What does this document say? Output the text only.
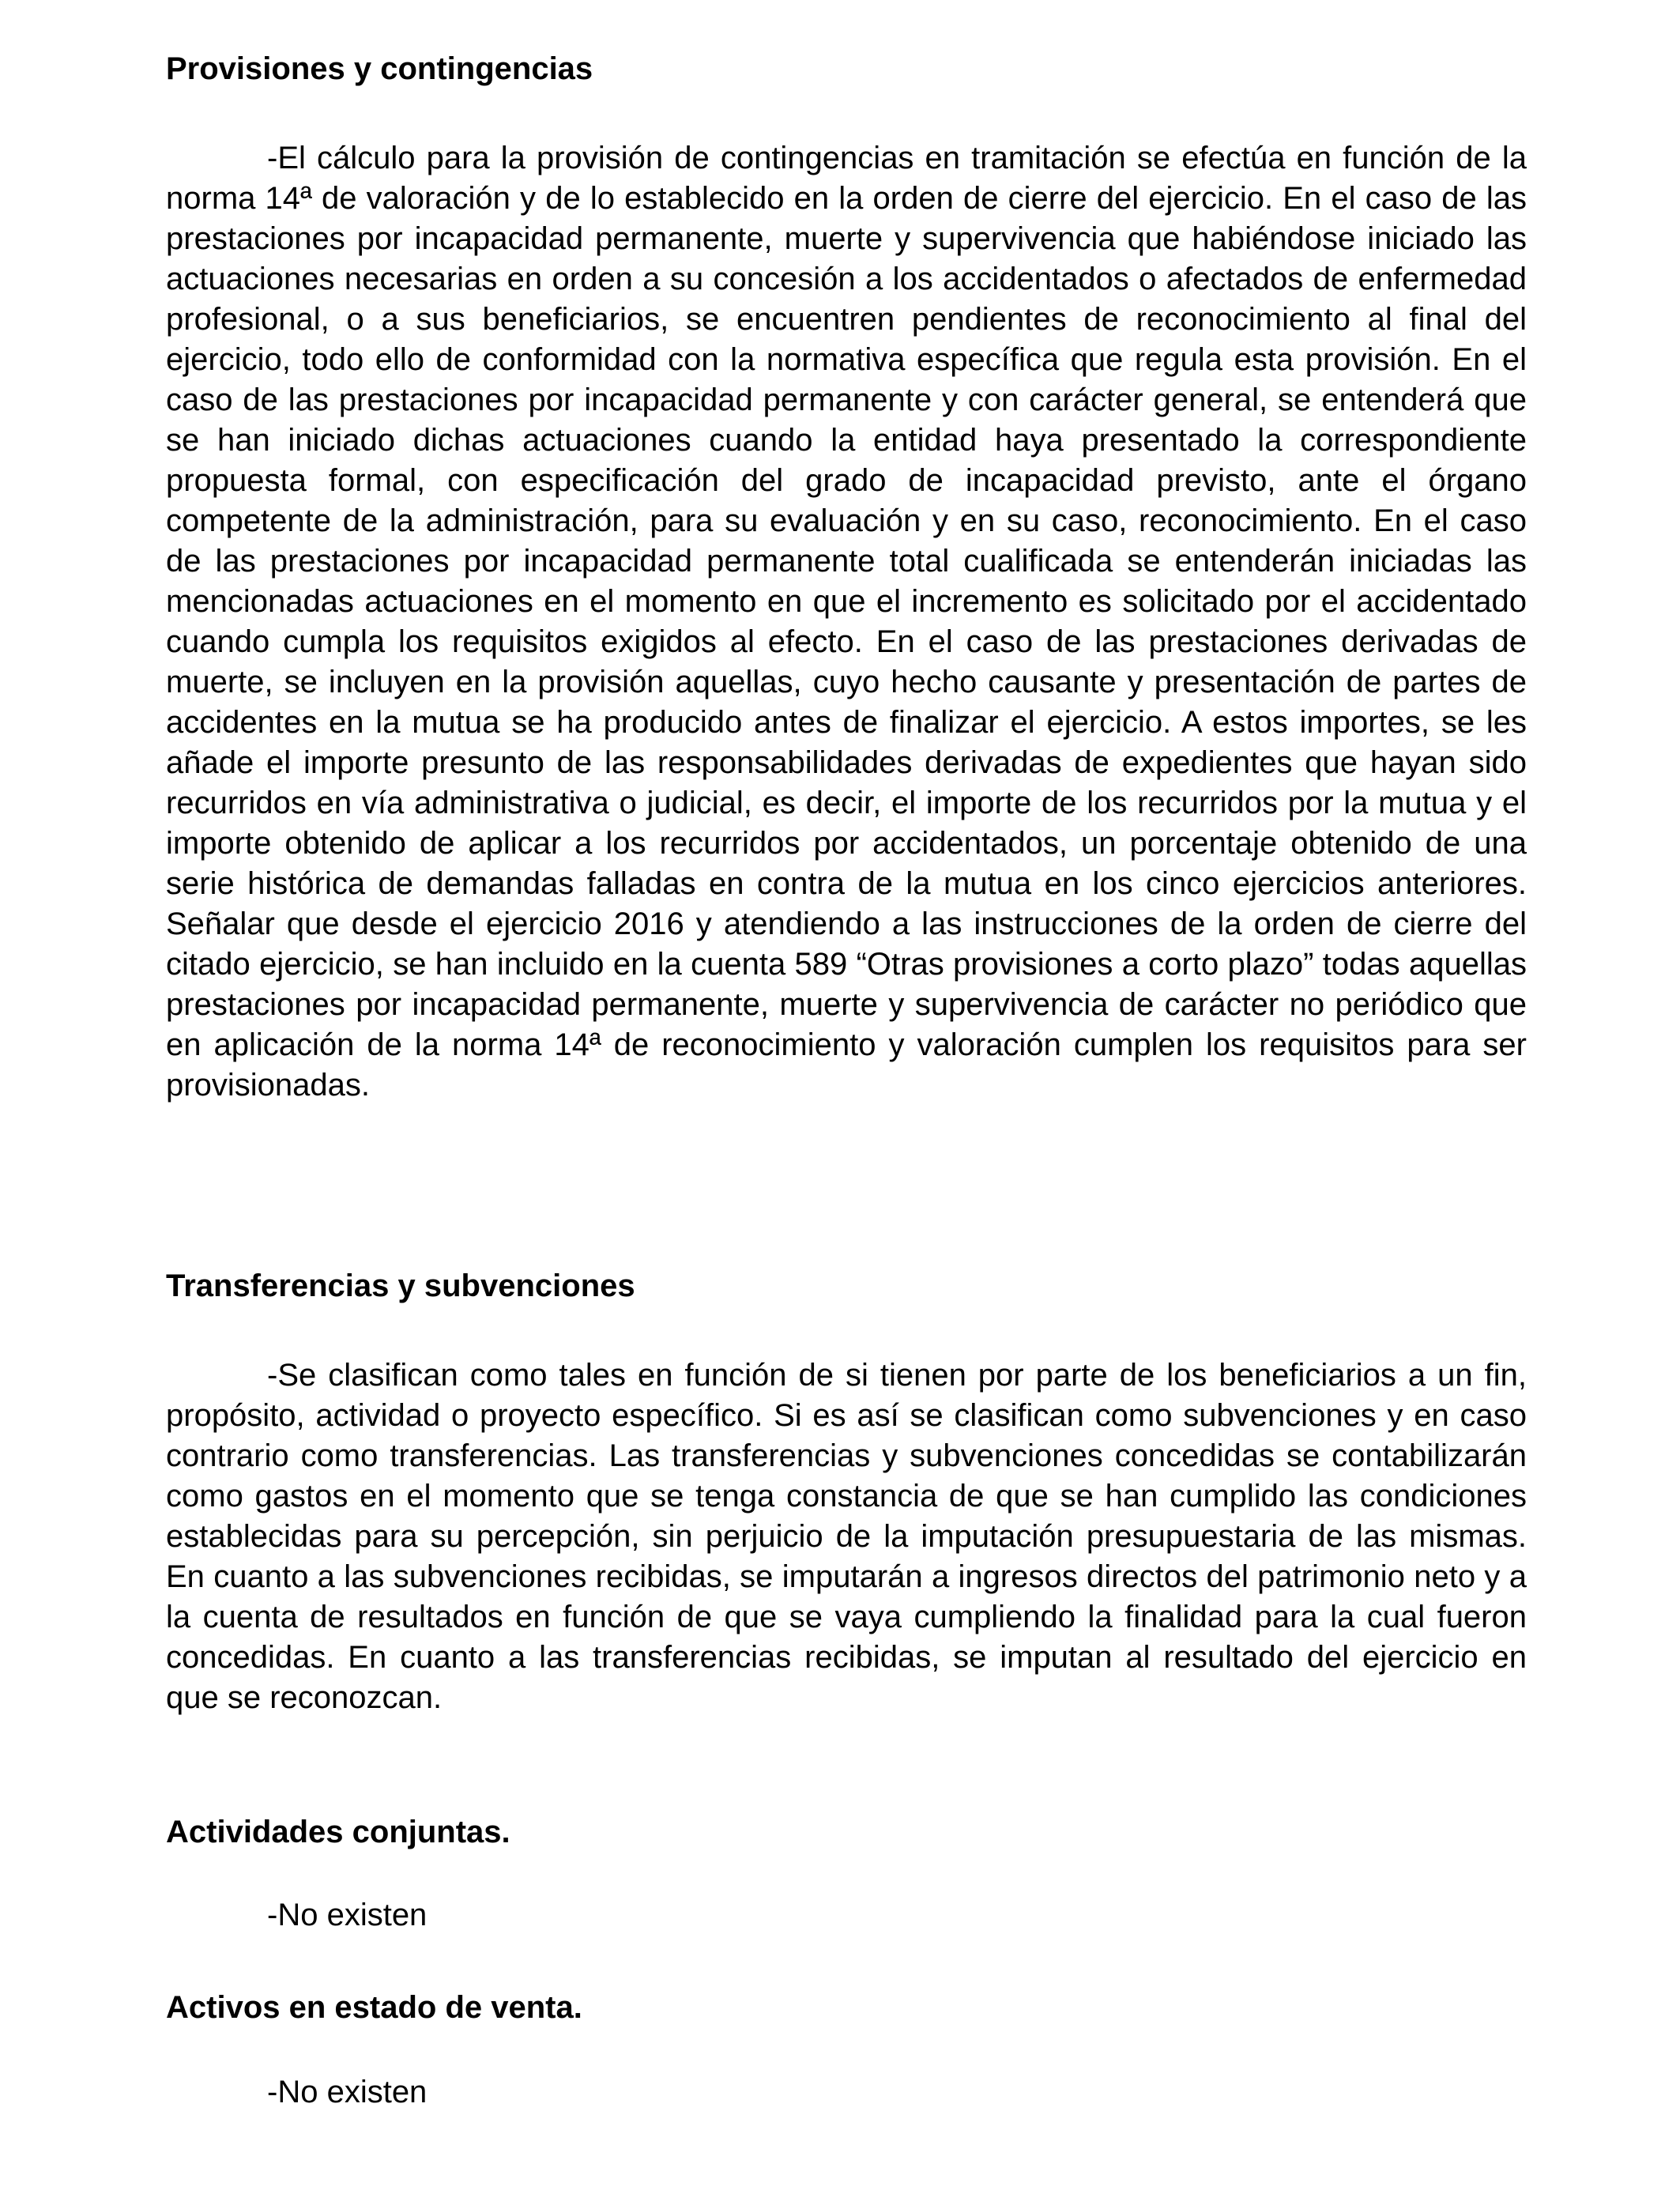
Provisiones y contingencias

-El cálculo para la provisión de contingencias en tramitación se efectúa en función de la norma 14ª de valoración y de lo establecido en la orden de cierre del ejercicio. En el caso de las prestaciones por incapacidad permanente, muerte y supervivencia que habiéndose iniciado las actuaciones necesarias en orden a su concesión a los accidentados o afectados de enfermedad profesional, o a sus beneficiarios, se encuentren pendientes de reconocimiento al final del ejercicio, todo ello de conformidad con la normativa específica que regula esta provisión. En el caso de las prestaciones por incapacidad permanente y con carácter general, se entenderá que se han iniciado dichas actuaciones cuando la entidad haya presentado la correspondiente propuesta formal, con especificación del grado de incapacidad previsto, ante el órgano competente de la administración, para su evaluación y en su caso, reconocimiento. En el caso de las prestaciones por incapacidad permanente total cualificada se entenderán iniciadas las mencionadas actuaciones en el momento en que el incremento es solicitado por el accidentado cuando cumpla los requisitos exigidos al efecto. En el caso de las prestaciones derivadas de muerte, se incluyen en la provisión aquellas, cuyo hecho causante y presentación de partes de accidentes en la mutua se ha producido antes de finalizar el ejercicio. A estos importes, se les añade el importe presunto de las responsabilidades derivadas de expedientes que hayan sido recurridos en vía administrativa o judicial, es decir, el importe de los recurridos por la mutua y el importe obtenido de aplicar a los recurridos por accidentados, un porcentaje obtenido de una serie histórica de demandas falladas en contra de la mutua en los cinco ejercicios anteriores. Señalar que desde el ejercicio 2016 y atendiendo a las instrucciones de la orden de cierre del citado ejercicio, se han incluido en la cuenta 589 “Otras provisiones a corto plazo” todas aquellas prestaciones por incapacidad permanente, muerte y supervivencia de carácter no periódico que en aplicación de la norma 14ª de reconocimiento y valoración cumplen los requisitos para ser provisionadas.

Transferencias y subvenciones

-Se clasifican como tales en función de si tienen por parte de los beneficiarios a un fin, propósito, actividad o proyecto específico. Si es así se clasifican como subvenciones y en caso contrario como transferencias. Las transferencias y subvenciones concedidas se contabilizarán como gastos en el momento que se tenga constancia de que se han cumplido las condiciones establecidas para su percepción, sin perjuicio de la imputación presupuestaria de las mismas. En cuanto a las subvenciones recibidas, se imputarán a ingresos directos del patrimonio neto y a la cuenta de resultados en función de que se vaya cumpliendo la finalidad para la cual fueron concedidas. En cuanto a las transferencias recibidas, se imputan al resultado del ejercicio en que se reconozcan.

Actividades conjuntas.

-No existen

Activos en estado de venta.

-No existen
